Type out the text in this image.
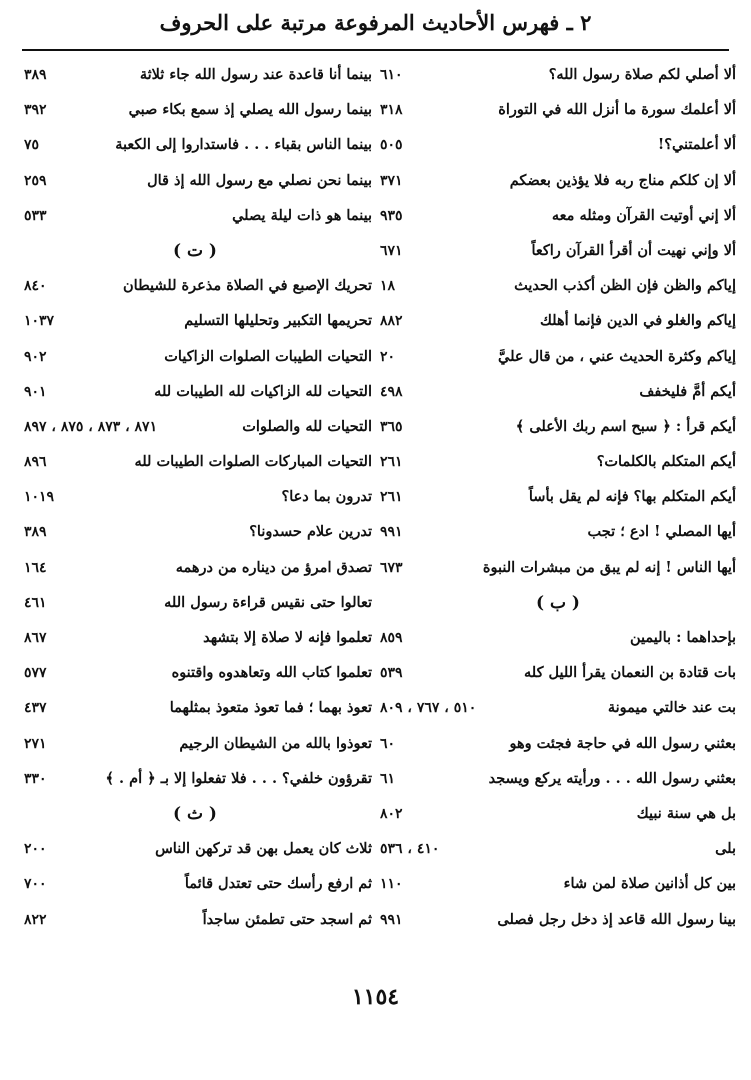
٢ ـ فهرس الأحاديث المرفوعة مرتبة على الحروف
ألا أصلي لكم صلاة رسول الله؟
٦١٠
ألا أعلمك سورة ما أنزل الله في التوراة
٣١٨
ألا أعلمتني؟!
٥٠٥
ألا إن كلكم مناج ربه فلا يؤذين بعضكم
٣٧١
ألا إني أوتيت القرآن ومثله معه
٩٣٥
ألا وإني نهيت أن أقرأ القرآن راكعاً
٦٧١
إياكم والظن فإن الظن أكذب الحديث
١٨
إياكم والغلو في الدين فإنما أهلك
٨٨٢
إياكم وكثرة الحديث عني ، من قال عليَّ
٢٠
أيكم أمَّ فليخفف
٤٩٨
أيكم قرأ : ﴿ سبح اسم ربك الأعلى ﴾
٣٦٥
أيكم المتكلم بالكلمات؟
٢٦١
أيكم المتكلم بها؟ فإنه لم يقل بأساً
٢٦١
أيها المصلي ! ادع ؛ تجب
٩٩١
أيها الناس ! إنه لم يبق من مبشرات النبوة
٦٧٣
( ب )
بإحداهما : باليمين
٨٥٩
بات قتادة بن النعمان يقرأ الليل كله
٥٣٩
بت عند خالتي ميمونة
٥١٠ ، ٧٦٧ ، ٨٠٩
بعثني رسول الله في حاجة فجئت وهو
٦٠
بعثني رسول الله . . . ورأيته يركع ويسجد
٦١
بل هي سنة نبيك
٨٠٢
بلى
٤١٠ ، ٥٣٦
بين كل أذانين صلاة لمن شاء
١١٠
بينا رسول الله قاعد إذ دخل رجل فصلى
٩٩١
بينما أنا قاعدة عند رسول الله جاء ثلاثة
٣٨٩
بينما رسول الله يصلي إذ سمع بكاء صبي
٣٩٢
بينما الناس بقباء . . . فاستداروا إلى الكعبة
٧٥
بينما نحن نصلي مع رسول الله إذ قال
٢٥٩
بينما هو ذات ليلة يصلي
٥٣٣
( ت )
تحريك الإصبع في الصلاة مذعرة للشيطان
٨٤٠
تحريمها التكبير وتحليلها التسليم
١٠٣٧
التحيات الطيبات الصلوات الزاكيات
٩٠٢
التحيات لله الزاكيات لله الطيبات لله
٩٠١
التحيات لله والصلوات
٨٧١ ، ٨٧٣ ، ٨٧٥ ، ٨٩٧
التحيات المباركات الصلوات الطيبات لله
٨٩٦
تدرون بما دعا؟
١٠١٩
تدرين علام حسدونا؟
٣٨٩
تصدق امرؤ من ديناره من درهمه
١٦٤
تعالوا حتى نقيس قراءة رسول الله
٤٦١
تعلموا فإنه لا صلاة إلا بتشهد
٨٦٧
تعلموا كتاب الله وتعاهدوه واقتنوه
٥٧٧
تعوذ بهما ؛ فما تعوذ متعوذ بمثلهما
٤٣٧
تعوذوا بالله من الشيطان الرجيم
٢٧١
تقرؤون خلفي؟ . . . فلا تفعلوا إلا بـ ﴿ أم . ﴾
٣٣٠
( ث )
ثلاث كان يعمل بهن قد تركهن الناس
٢٠٠
ثم ارفع رأسك حتى تعتدل قائماً
٧٠٠
ثم اسجد حتى تطمئن ساجداً
٨٢٢
١١٥٤
